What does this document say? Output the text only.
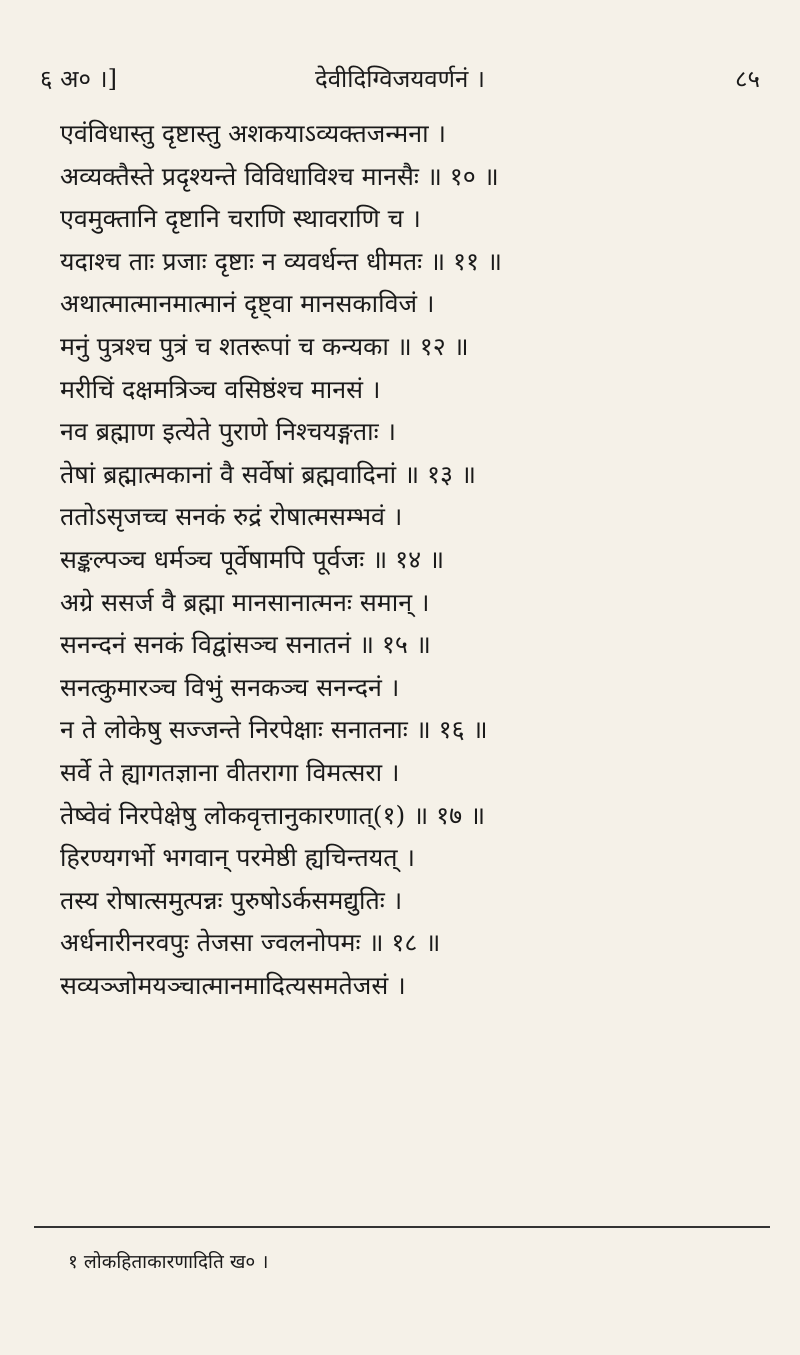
देवीदिग्विजयवर्णनं ।
६ अ० ।]	८५
एवंविधास्तु दृष्टास्तु अशकयाऽव्यक्तजन्मना ।
अव्यक्तैस्ते प्रदृश्यन्ते विविधाविश्च मानसैः ॥ १० ॥
एवमुक्तानि दृष्टानि चराणि स्थावराणि च ।
यदाश्च ताः प्रजाः दृष्टाः न व्यवर्धन्त धीमतः ॥ ११ ॥
अथात्मात्मानमात्मानं दृष्ट्वा मानसकाविजं ।
मनुं पुत्रश्च पुत्रं च शतरूपां च कन्यका ॥ १२ ॥
मरीचिं दक्षमत्रिञ्च वसिष्ठंश्च मानसं ।
नव ब्रह्माण इत्येते पुराणे निश्चयङ्गताः ।
तेषां ब्रह्मात्मकानां वै सर्वेषां ब्रह्मवादिनां ॥ १३ ॥
ततोऽसृजच्च सनकं रुद्रं रोषात्मसम्भवं ।
सङ्कल्पञ्च धर्मञ्च पूर्वेषामपि पूर्वजः ॥ १४ ॥
अग्रे ससर्ज वै ब्रह्मा मानसानात्मनः समान् ।
सनन्दनं सनकं विद्वांसञ्च सनातनं ॥ १५ ॥
सनत्कुमारञ्च विभुं सनकञ्च सनन्दनं ।
न ते लोकेषु सज्जन्ते निरपेक्षाः सनातनाः ॥ १६ ॥
सर्वे ते ह्यागतज्ञाना वीतरागा विमत्सरा ।
तेष्वेवं निरपेक्षेषु लोकवृत्तानुकारणात्(१) ॥ १७ ॥
हिरण्यगर्भो भगवान् परमेष्ठी ह्यचिन्तयत् ।
तस्य रोषात्समुत्पन्नः पुरुषोऽर्कसमद्युतिः ।
अर्धनारीनरवपुः तेजसा ज्वलनोपमः ॥ १८ ॥
सव्यञ्जोमयञ्चात्मानमादित्यसमतेजसं ।
१ लोकहिताकारणादिति ख० ।
